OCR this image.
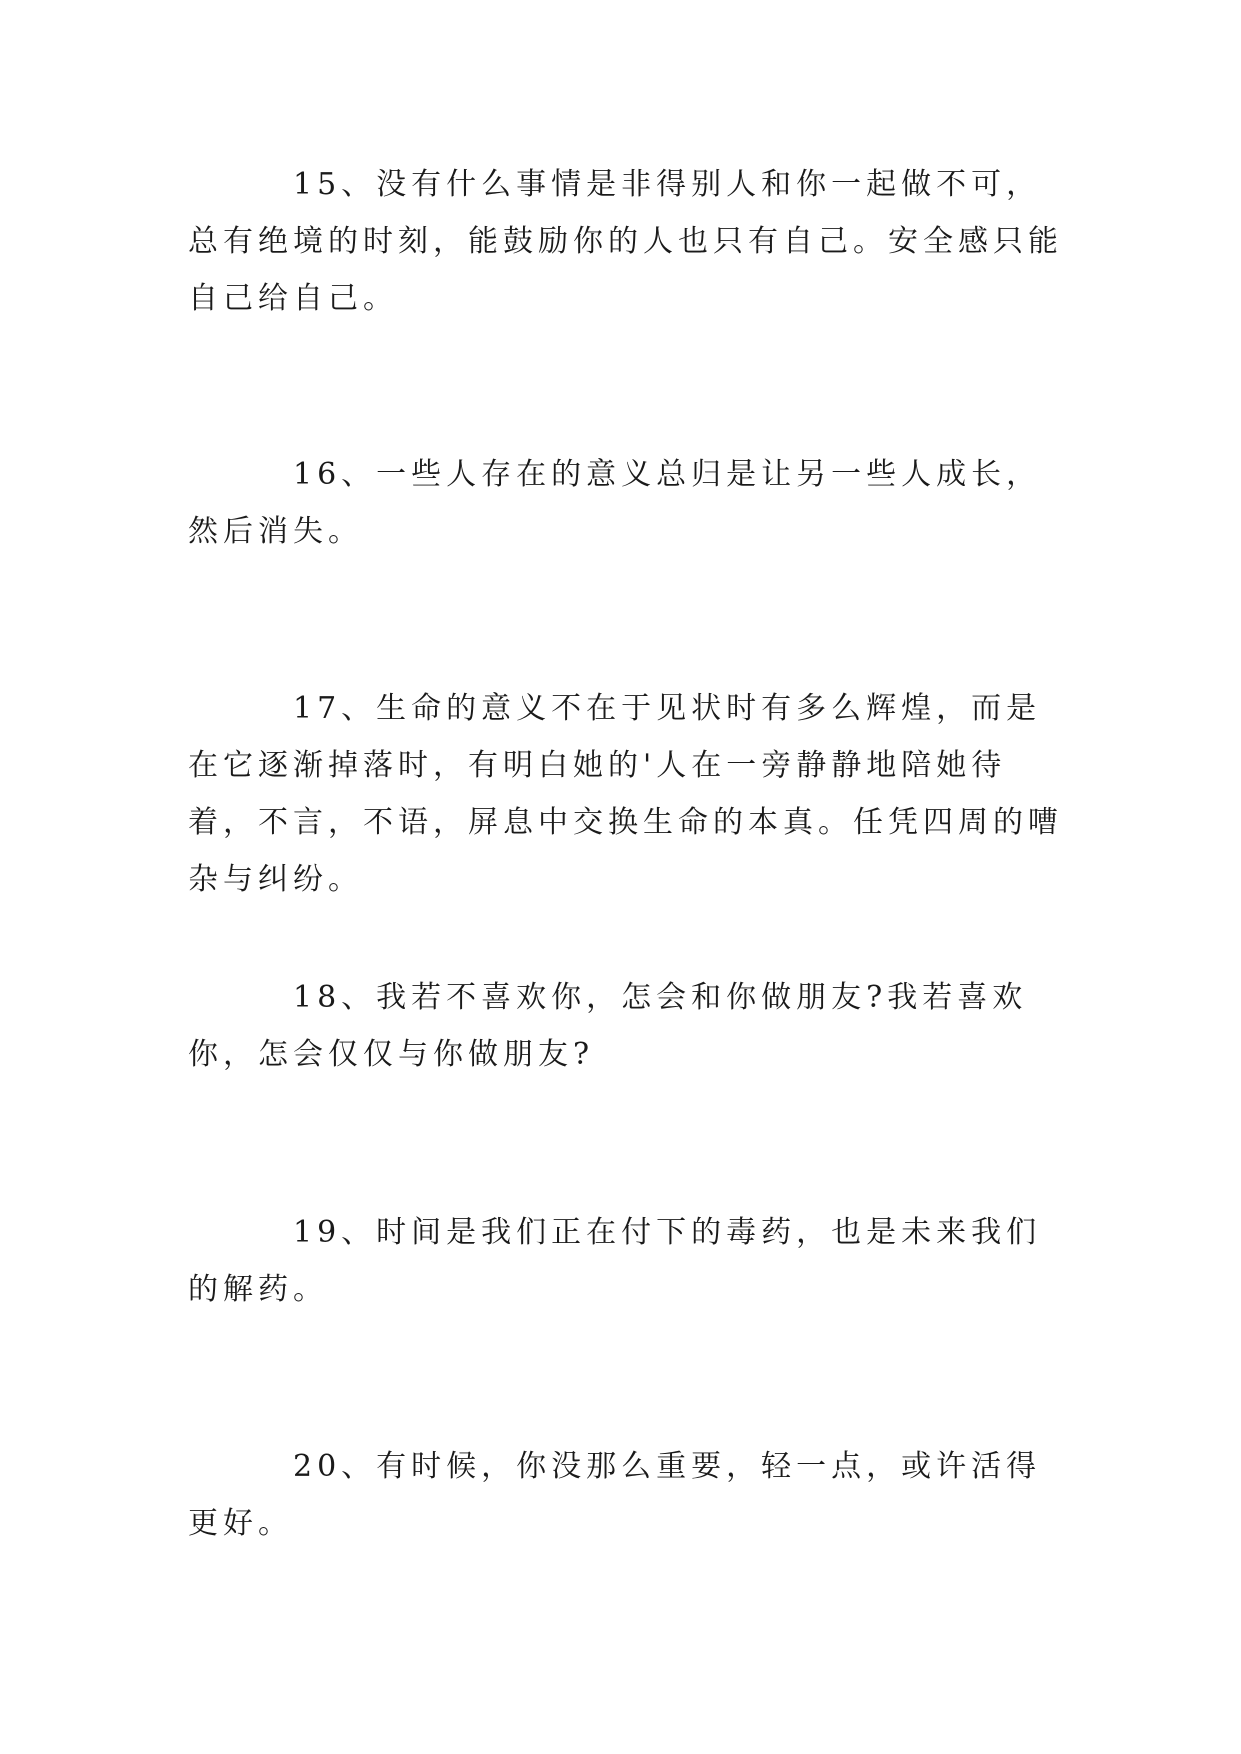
15、没有什么事情是非得别人和你一起做不可，总有绝境的时刻，能鼓励你的人也只有自己。安全感只能自己给自己。

16、一些人存在的意义总归是让另一些人成长，然后消失。

17、生命的意义不在于见状时有多么辉煌，而是在它逐渐掉落时，有明白她的'人在一旁静静地陪她待着，不言，不语，屏息中交换生命的本真。任凭四周的嘈杂与纠纷。

18、我若不喜欢你，怎会和你做朋友?我若喜欢你，怎会仅仅与你做朋友?

19、时间是我们正在付下的毒药，也是未来我们的解药。

20、有时候，你没那么重要，轻一点，或许活得更好。
